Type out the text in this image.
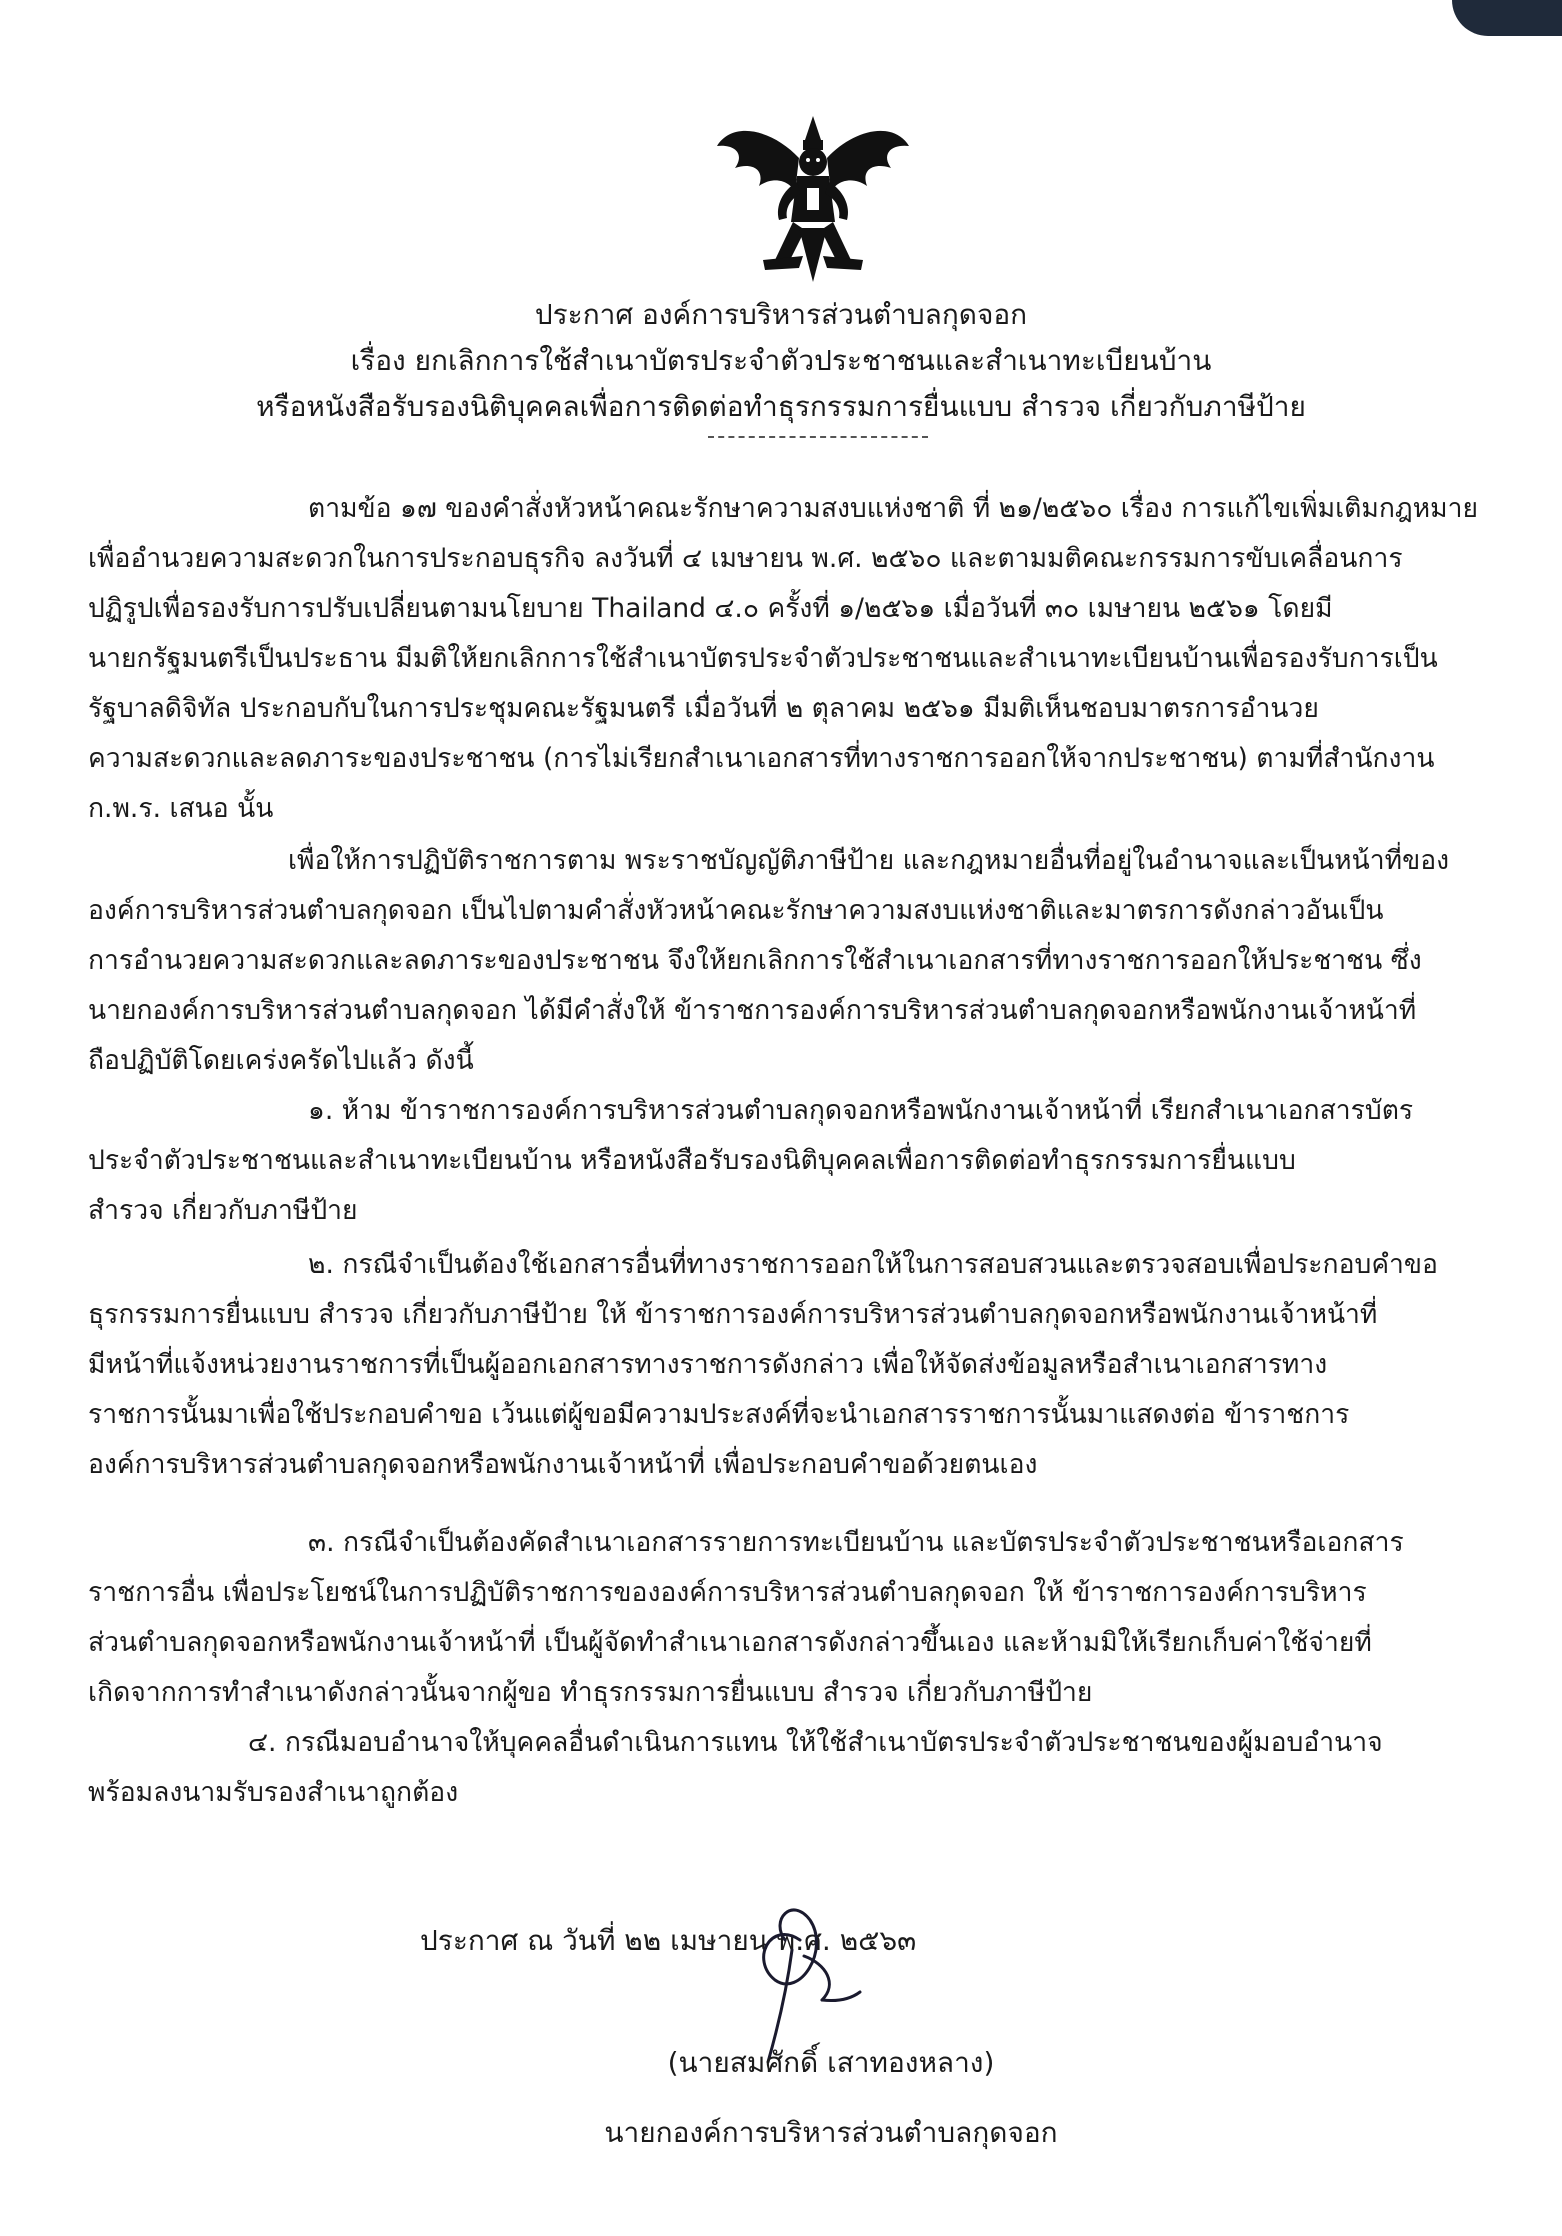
ประกาศ องค์การบริหารส่วนตำบลกุดจอก
เรื่อง ยกเลิกการใช้สำเนาบัตรประจำตัวประชาชนและสำเนาทะเบียนบ้าน
หรือหนังสือรับรองนิติบุคคลเพื่อการติดต่อทำธุรกรรมการยื่นแบบ สำรวจ เกี่ยวกับภาษีป้าย
ตามข้อ ๑๗ ของคำสั่งหัวหน้าคณะรักษาความสงบแห่งชาติ ที่ ๒๑/๒๕๖๐ เรื่อง การแก้ไขเพิ่มเติมกฎหมาย
เพื่ออำนวยความสะดวกในการประกอบธุรกิจ ลงวันที่ ๔ เมษายน พ.ศ. ๒๕๖๐ และตามมติคณะกรรมการขับเคลื่อนการ
ปฏิรูปเพื่อรองรับการปรับเปลี่ยนตามนโยบาย Thailand ๔.๐ ครั้งที่ ๑/๒๕๖๑ เมื่อวันที่ ๓๐ เมษายน ๒๕๖๑ โดยมี
นายกรัฐมนตรีเป็นประธาน มีมติให้ยกเลิกการใช้สำเนาบัตรประจำตัวประชาชนและสำเนาทะเบียนบ้านเพื่อรองรับการเป็น
รัฐบาลดิจิทัล ประกอบกับในการประชุมคณะรัฐมนตรี เมื่อวันที่ ๒ ตุลาคม ๒๕๖๑ มีมติเห็นชอบมาตรการอำนวย
ความสะดวกและลดภาระของประชาชน (การไม่เรียกสำเนาเอกสารที่ทางราชการออกให้จากประชาชน) ตามที่สำนักงาน
ก.พ.ร. เสนอ นั้น
เพื่อให้การปฏิบัติราชการตาม พระราชบัญญัติภาษีป้าย และกฎหมายอื่นที่อยู่ในอำนาจและเป็นหน้าที่ของ
องค์การบริหารส่วนตำบลกุดจอก เป็นไปตามคำสั่งหัวหน้าคณะรักษาความสงบแห่งชาติและมาตรการดังกล่าวอันเป็น
การอำนวยความสะดวกและลดภาระของประชาชน จึงให้ยกเลิกการใช้สำเนาเอกสารที่ทางราชการออกให้ประชาชน ซึ่ง
นายกองค์การบริหารส่วนตำบลกุดจอก ได้มีคำสั่งให้ ข้าราชการองค์การบริหารส่วนตำบลกุดจอกหรือพนักงานเจ้าหน้าที่
ถือปฏิบัติโดยเคร่งครัดไปแล้ว ดังนี้
๑. ห้าม ข้าราชการองค์การบริหารส่วนตำบลกุดจอกหรือพนักงานเจ้าหน้าที่ เรียกสำเนาเอกสารบัตร
ประจำตัวประชาชนและสำเนาทะเบียนบ้าน หรือหนังสือรับรองนิติบุคคลเพื่อการติดต่อทำธุรกรรมการยื่นแบบ
สำรวจ เกี่ยวกับภาษีป้าย
๒. กรณีจำเป็นต้องใช้เอกสารอื่นที่ทางราชการออกให้ในการสอบสวนและตรวจสอบเพื่อประกอบคำขอ
ธุรกรรมการยื่นแบบ สำรวจ เกี่ยวกับภาษีป้าย ให้ ข้าราชการองค์การบริหารส่วนตำบลกุดจอกหรือพนักงานเจ้าหน้าที่
มีหน้าที่แจ้งหน่วยงานราชการที่เป็นผู้ออกเอกสารทางราชการดังกล่าว เพื่อให้จัดส่งข้อมูลหรือสำเนาเอกสารทาง
ราชการนั้นมาเพื่อใช้ประกอบคำขอ เว้นแต่ผู้ขอมีความประสงค์ที่จะนำเอกสารราชการนั้นมาแสดงต่อ ข้าราชการ
องค์การบริหารส่วนตำบลกุดจอกหรือพนักงานเจ้าหน้าที่ เพื่อประกอบคำขอด้วยตนเอง
๓. กรณีจำเป็นต้องคัดสำเนาเอกสารรายการทะเบียนบ้าน และบัตรประจำตัวประชาชนหรือเอกสาร
ราชการอื่น เพื่อประโยชน์ในการปฏิบัติราชการขององค์การบริหารส่วนตำบลกุดจอก ให้ ข้าราชการองค์การบริหาร
ส่วนตำบลกุดจอกหรือพนักงานเจ้าหน้าที่ เป็นผู้จัดทำสำเนาเอกสารดังกล่าวขึ้นเอง และห้ามมิให้เรียกเก็บค่าใช้จ่ายที่
เกิดจากการทำสำเนาดังกล่าวนั้นจากผู้ขอ ทำธุรกรรมการยื่นแบบ สำรวจ เกี่ยวกับภาษีป้าย
๔. กรณีมอบอำนาจให้บุคคลอื่นดำเนินการแทน ให้ใช้สำเนาบัตรประจำตัวประชาชนของผู้มอบอำนาจ
พร้อมลงนามรับรองสำเนาถูกต้อง
ประกาศ ณ วันที่ ๒๒ เมษายน พ.ศ. ๒๕๖๓
(นายสมศักดิ์ เสาทองหลาง)
นายกองค์การบริหารส่วนตำบลกุดจอก
